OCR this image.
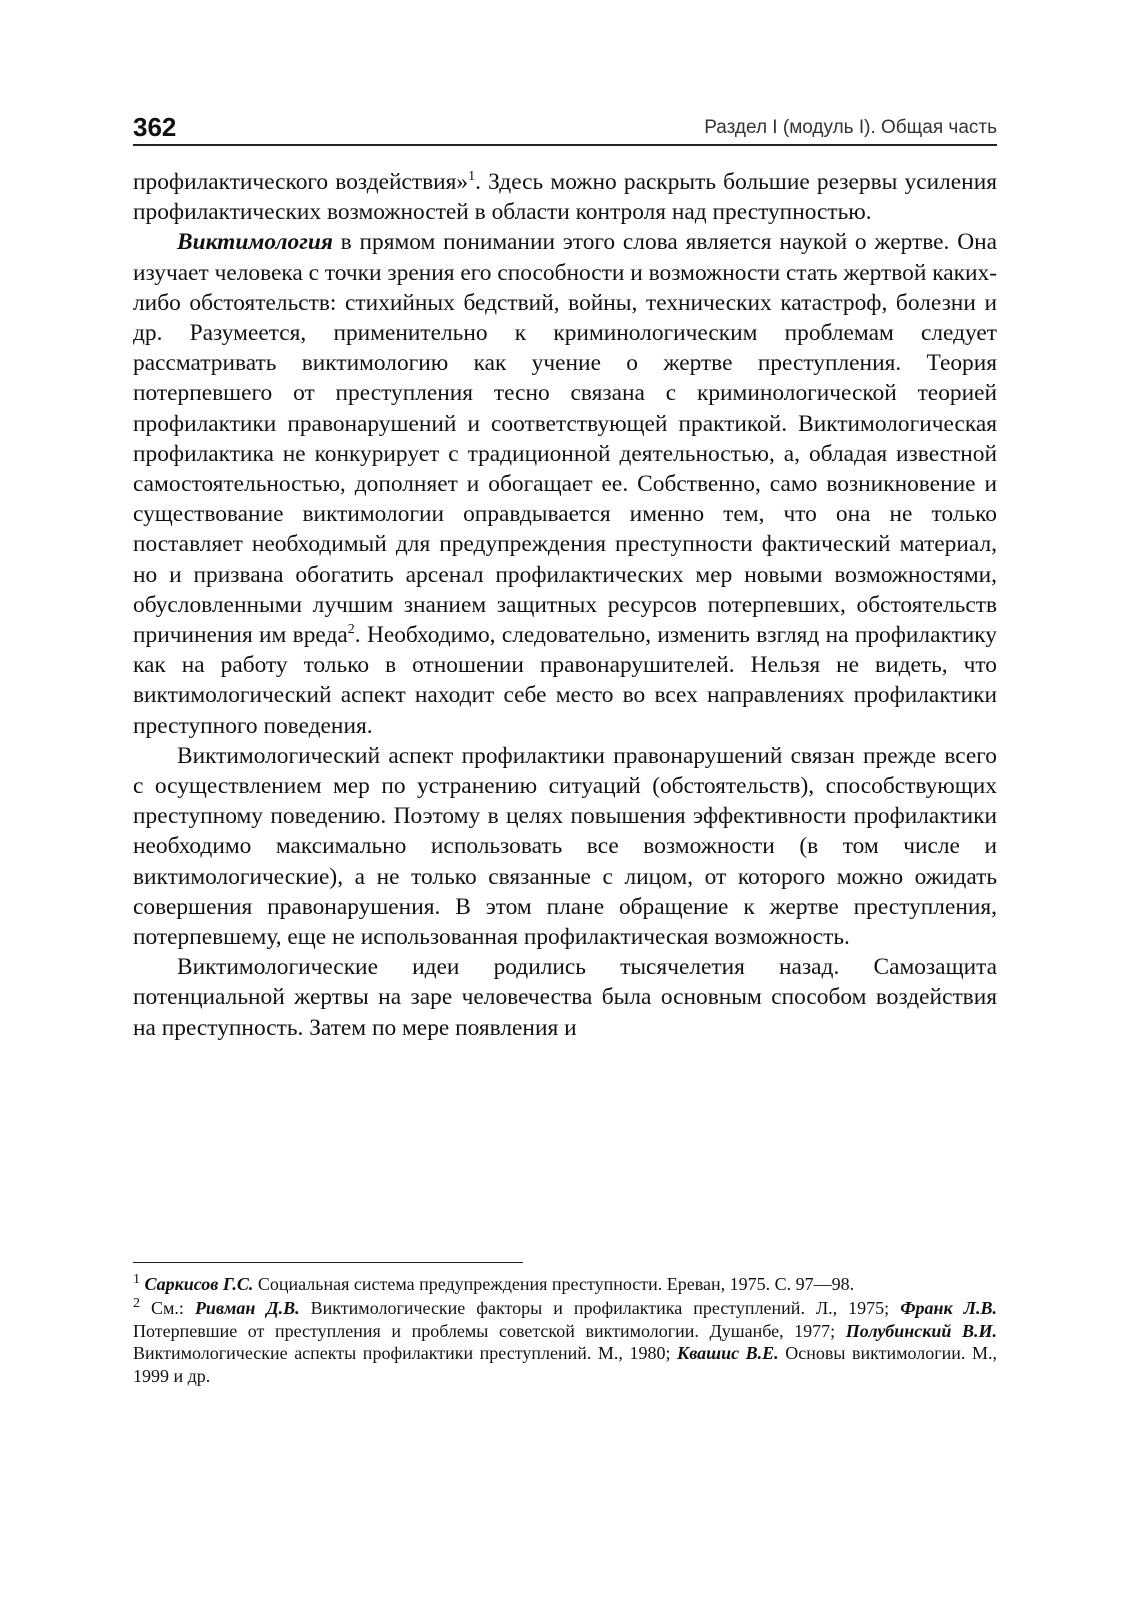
362	Раздел I (модуль I). Общая часть

профилактического воздействия»$^1$. Здесь можно раскрыть большие резервы усиления профилактических возможностей в области контроля над преступностью.

Виктимология в прямом понимании этого слова является наукой о жертве. Она изучает человека с точки зрения его способности и возможности стать жертвой каких-либо обстоятельств: стихийных бедствий, войны, технических катастроф, болезни и др. Разумеется, применительно к криминологическим проблемам следует рассматривать виктимологию как учение о жертве преступления. Теория потерпевшего от преступления тесно связана с криминологической теорией профилактики правонарушений и соответствующей практикой. Виктимологическая профилактика не конкурирует с традиционной деятельностью, а, обладая известной самостоятельностью, дополняет и обогащает ее. Собственно, само возникновение и существование виктимологии оправдывается именно тем, что она не только поставляет необходимый для предупреждения преступности фактический материал, но и призвана обогатить арсенал профилактических мер новыми возможностями, обусловленными лучшим знанием защитных ресурсов потерпевших, обстоятельств причинения им вреда$^2$. Необходимо, следовательно, изменить взгляд на профилактику как на работу только в отношении правонарушителей. Нельзя не видеть, что виктимологический аспект находит себе место во всех направлениях профилактики преступного поведения.

Виктимологический аспект профилактики правонарушений связан прежде всего с осуществлением мер по устранению ситуаций (обстоятельств), способствующих преступному поведению. Поэтому в целях повышения эффективности профилактики необходимо максимально использовать все возможности (в том числе и виктимологические), а не только связанные с лицом, от которого можно ожидать совершения правонарушения. В этом плане обращение к жертве преступления, потерпевшему, еще не использованная профилактическая возможность.

Виктимологические идеи родились тысячелетия назад. Самозащита потенциальной жертвы на заре человечества была основным способом воздействия на преступность. Затем по мере появления и

$^1$ Саркисов Г.С. Социальная система предупреждения преступности. Ереван, 1975. С. 97—98.

$^2$ См.: Ривман Д.В. Виктимологические факторы и профилактика преступлений. Л., 1975; Франк Л.В. Потерпевшие от преступления и проблемы советской виктимологии. Душанбе, 1977; Полубинский В.И. Виктимологические аспекты профилактики преступлений. М., 1980; Квашис В.Е. Основы виктимологии. М., 1999 и др.
